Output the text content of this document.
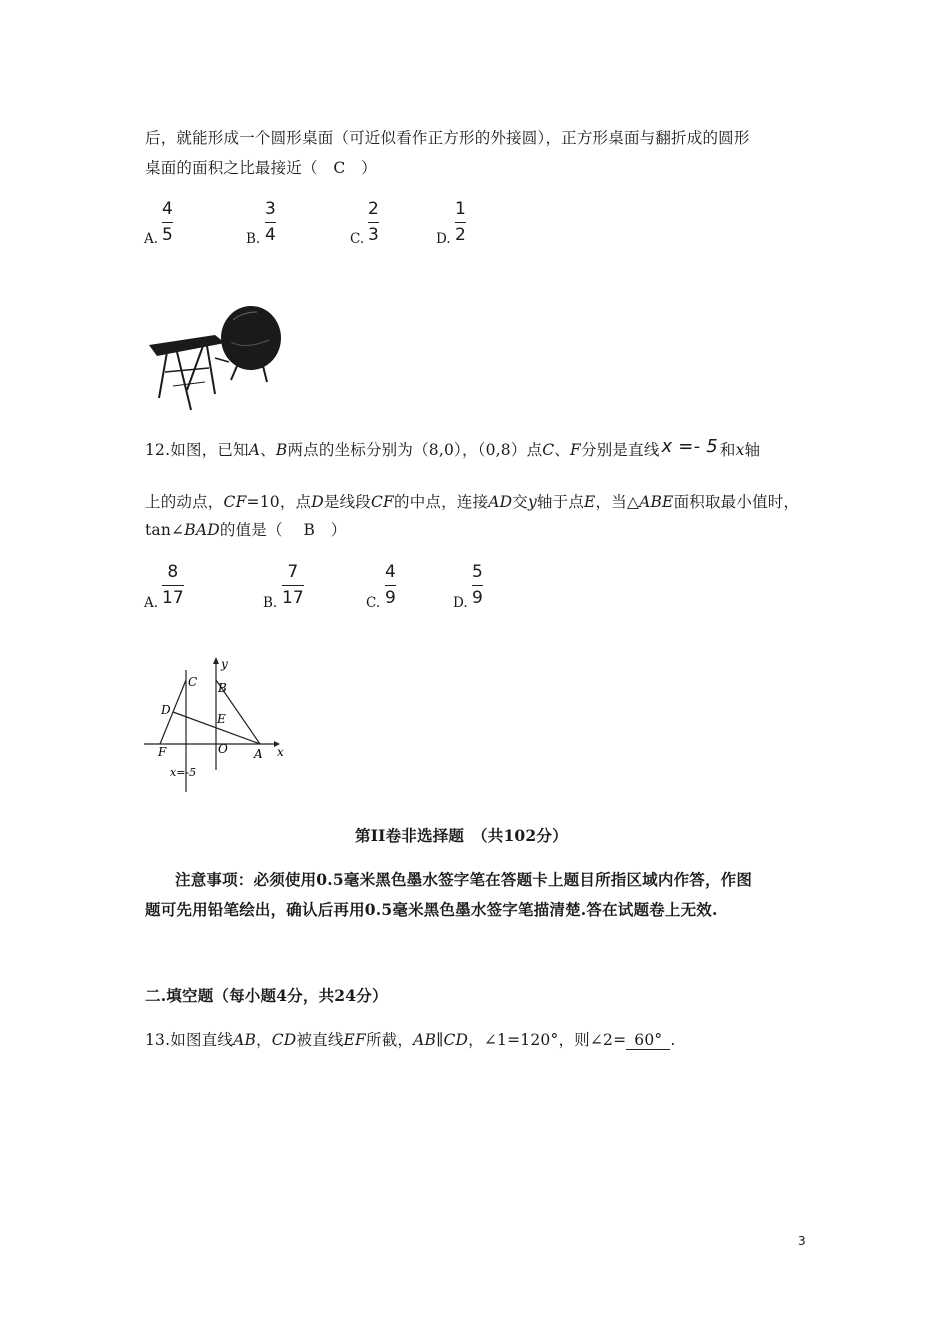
后，就能形成一个圆形桌面（可近似看作正方形的外接圆），正方形桌面与翻折成的圆形
桌面的面积之比最接近（　C　）
A.
4
5	B.
3
4	C.
2
3	D.
1
2
12.如图，已知A、B两点的坐标分别为（8,0），（0,8）点C、F分别是直线 x =- 5 和x轴
上的动点，CF=10，点D是线段CF的中点，连接AD交y轴于点E，当△ABE面积取最小值时，
tan∠BAD的值是（　 B　）
A.
8
17	B.
7
17	C.
4
9	D.
5
9
y
x
C B
D
E
F	O A
x=-5
第II卷非选择题　（共102分）
注意事项：必须使用0.5毫米黑色墨水签字笔在答题卡上题目所指区域内作答，作图
题可先用铅笔绘出，确认后再用0.5毫米黑色墨水签字笔描清楚.答在试题卷上无效.
二.填空题（每小题4分，共24分）
13.如图直线AB，CD被直线EF所截，AB∥CD，∠1=120°，则∠2= 60° .
3
